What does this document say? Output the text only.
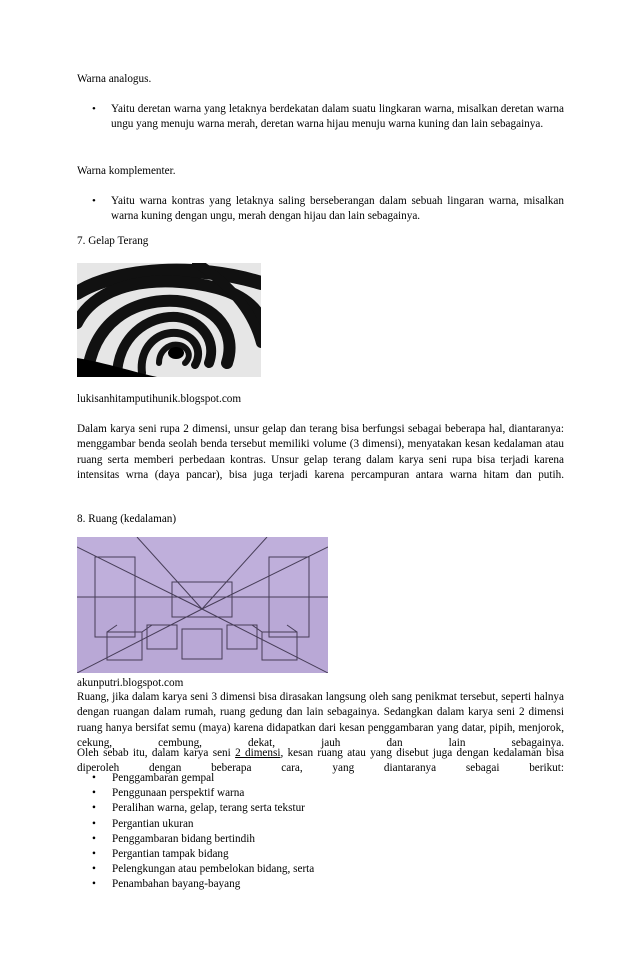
Warna analogus.
• Yaitu deretan warna yang letaknya berdekatan dalam suatu lingkaran warna, misalkan deretan warna ungu yang menuju warna merah, deretan warna hijau menuju warna kuning dan lain sebagainya.
Warna komplementer.
• Yaitu warna kontras yang letaknya saling berseberangan dalam sebuah lingaran warna, misalkan warna kuning dengan ungu, merah dengan hijau dan lain sebagainya.
7. Gelap Terang
lukisanhitamputihunik.blogspot.com
Dalam karya seni rupa 2 dimensi, unsur gelap dan terang bisa berfungsi sebagai beberapa hal, diantaranya: menggambar benda seolah benda tersebut memiliki volume (3 dimensi), menyatakan kesan kedalaman atau ruang serta memberi perbedaan kontras. Unsur gelap terang dalam karya seni rupa bisa terjadi karena intensitas wrna (daya pancar), bisa juga terjadi karena percampuran antara warna hitam dan putih.
8. Ruang (kedalaman)
akunputri.blogspot.com
Ruang, jika dalam karya seni 3 dimensi bisa dirasakan langsung oleh sang penikmat tersebut, seperti halnya dengan ruangan dalam rumah, ruang gedung dan lain sebagainya. Sedangkan dalam karya seni 2 dimensi ruang hanya bersifat semu (maya) karena didapatkan dari kesan penggambaran yang datar, pipih, menjorok, cekung, cembung, dekat, jauh dan lain sebagainya.
Oleh sebab itu, dalam karya seni 2 dimensi, kesan ruang atau yang disebut juga dengan kedalaman bisa diperoleh dengan beberapa cara, yang diantaranya sebagai berikut:
• Penggambaran gempal
• Penggunaan perspektif warna
• Peralihan warna, gelap, terang serta tekstur
• Pergantian ukuran
• Penggambaran bidang bertindih
• Pergantian tampak bidang
• Pelengkungan atau pembelokan bidang, serta
• Penambahan bayang-bayang
